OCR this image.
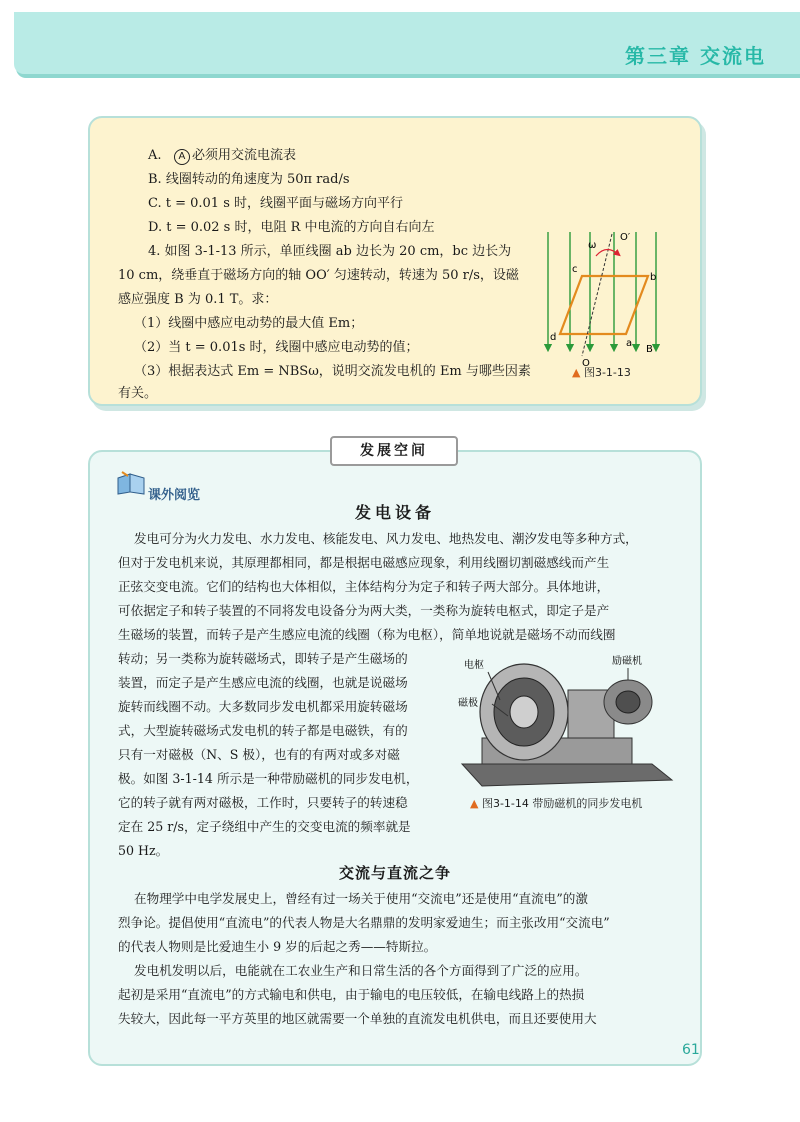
第三章 交流电
A. A 必须用交流电流表
B. 线圈转动的角速度为 50π rad/s
C. t = 0.01 s 时，线圈平面与磁场方向平行
D. t = 0.02 s 时，电阻 R 中电流的方向自右向左
4. 如图 3-1-13 所示，单匝线圈 ab 边长为 20 cm，bc 边长为
10 cm，绕垂直于磁场方向的轴 OO′ 匀速转动，转速为 50 r/s，设磁
感应强度 B 为 0.1 T。求：
（1）线圈中感应电动势的最大值 Em；
（2）当 t = 0.01s 时，线圈中感应电动势的值；
（3）根据表达式 Em = NBSω，说明交流发电机的 Em 与哪些因素
有关。
ω
O′
b
c
d
a
O
B
▲ 图3-1-13
发展空间
课外阅览
发电设备
发电可分为火力发电、水力发电、核能发电、风力发电、地热发电、潮汐发电等多种方式，
但对于发电机来说，其原理都相同，都是根据电磁感应现象，利用线圈切割磁感线而产生
正弦交变电流。它们的结构也大体相似，主体结构分为定子和转子两大部分。具体地讲，
可依据定子和转子装置的不同将发电设备分为两大类，一类称为旋转电枢式，即定子是产
生磁场的装置，而转子是产生感应电流的线圈（称为电枢），简单地说就是磁场不动而线圈
转动；另一类称为旋转磁场式，即转子是产生磁场的
装置，而定子是产生感应电流的线圈，也就是说磁场
旋转而线圈不动。大多数同步发电机都采用旋转磁场
式，大型旋转磁场式发电机的转子都是电磁铁，有的
只有一对磁极（N、S 极），也有的有两对或多对磁
极。如图 3-1-14 所示是一种带励磁机的同步发电机，
它的转子就有两对磁极，工作时，只要转子的转速稳
定在 25 r/s，定子绕组中产生的交变电流的频率就是
50 Hz。
电枢
磁极
励磁机
▲ 图3-1-14 带励磁机的同步发电机
交流与直流之争
在物理学中电学发展史上，曾经有过一场关于使用“交流电”还是使用“直流电”的激
烈争论。提倡使用“直流电”的代表人物是大名鼎鼎的发明家爱迪生；而主张改用“交流电”
的代表人物则是比爱迪生小 9 岁的后起之秀——特斯拉。
发电机发明以后，电能就在工农业生产和日常生活的各个方面得到了广泛的应用。
起初是采用“直流电”的方式输电和供电，由于输电的电压较低，在输电线路上的热损
失较大，因此每一平方英里的地区就需要一个单独的直流发电机供电，而且还要使用大
61
